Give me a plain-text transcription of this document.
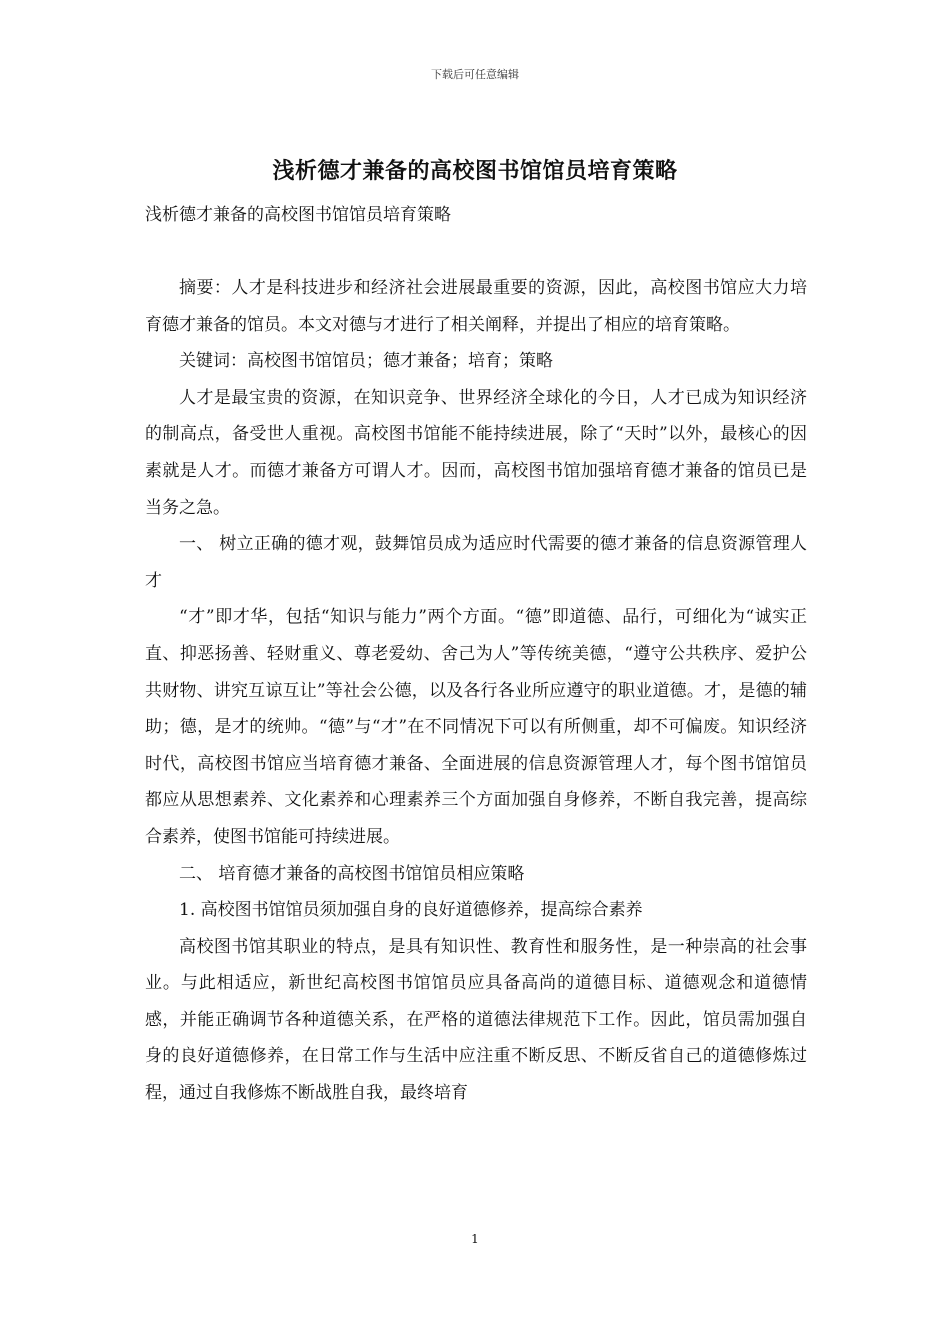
下载后可任意编辑
浅析德才兼备的高校图书馆馆员培育策略
浅析德才兼备的高校图书馆馆员培育策略

摘要：人才是科技进步和经济社会进展最重要的资源，因此，高校图书馆应大力培育德才兼备的馆员。本文对德与才进行了相关阐释，并提出了相应的培育策略。

关键词：高校图书馆馆员；德才兼备；培育；策略

人才是最宝贵的资源，在知识竞争、世界经济全球化的今日，人才已成为知识经济的制高点，备受世人重视。高校图书馆能不能持续进展，除了“天时”以外，最核心的因素就是人才。而德才兼备方可谓人才。因而，高校图书馆加强培育德才兼备的馆员已是当务之急。

一、 树立正确的德才观，鼓舞馆员成为适应时代需要的德才兼备的信息资源管理人才

“才”即才华，包括“知识与能力”两个方面。“德”即道德、品行，可细化为“诚实正直、抑恶扬善、轻财重义、尊老爱幼、舍己为人”等传统美德，“遵守公共秩序、爱护公共财物、讲究互谅互让”等社会公德，以及各行各业所应遵守的职业道德。才，是德的辅助；德，是才的统帅。“德”与“才”在不同情况下可以有所侧重，却不可偏废。知识经济时代，高校图书馆应当培育德才兼备、全面进展的信息资源管理人才，每个图书馆馆员都应从思想素养、文化素养和心理素养三个方面加强自身修养，不断自我完善，提高综合素养，使图书馆能可持续进展。

二、 培育德才兼备的高校图书馆馆员相应策略

1. 高校图书馆馆员须加强自身的良好道德修养，提高综合素养

高校图书馆其职业的特点，是具有知识性、教育性和服务性，是一种崇高的社会事业。与此相适应，新世纪高校图书馆馆员应具备高尚的道德目标、道德观念和道德情感，并能正确调节各种道德关系，在严格的道德法律规范下工作。因此，馆员需加强自身的良好道德修养，在日常工作与生活中应注重不断反思、不断反省自己的道德修炼过程，通过自我修炼不断战胜自我，最终培育

1
